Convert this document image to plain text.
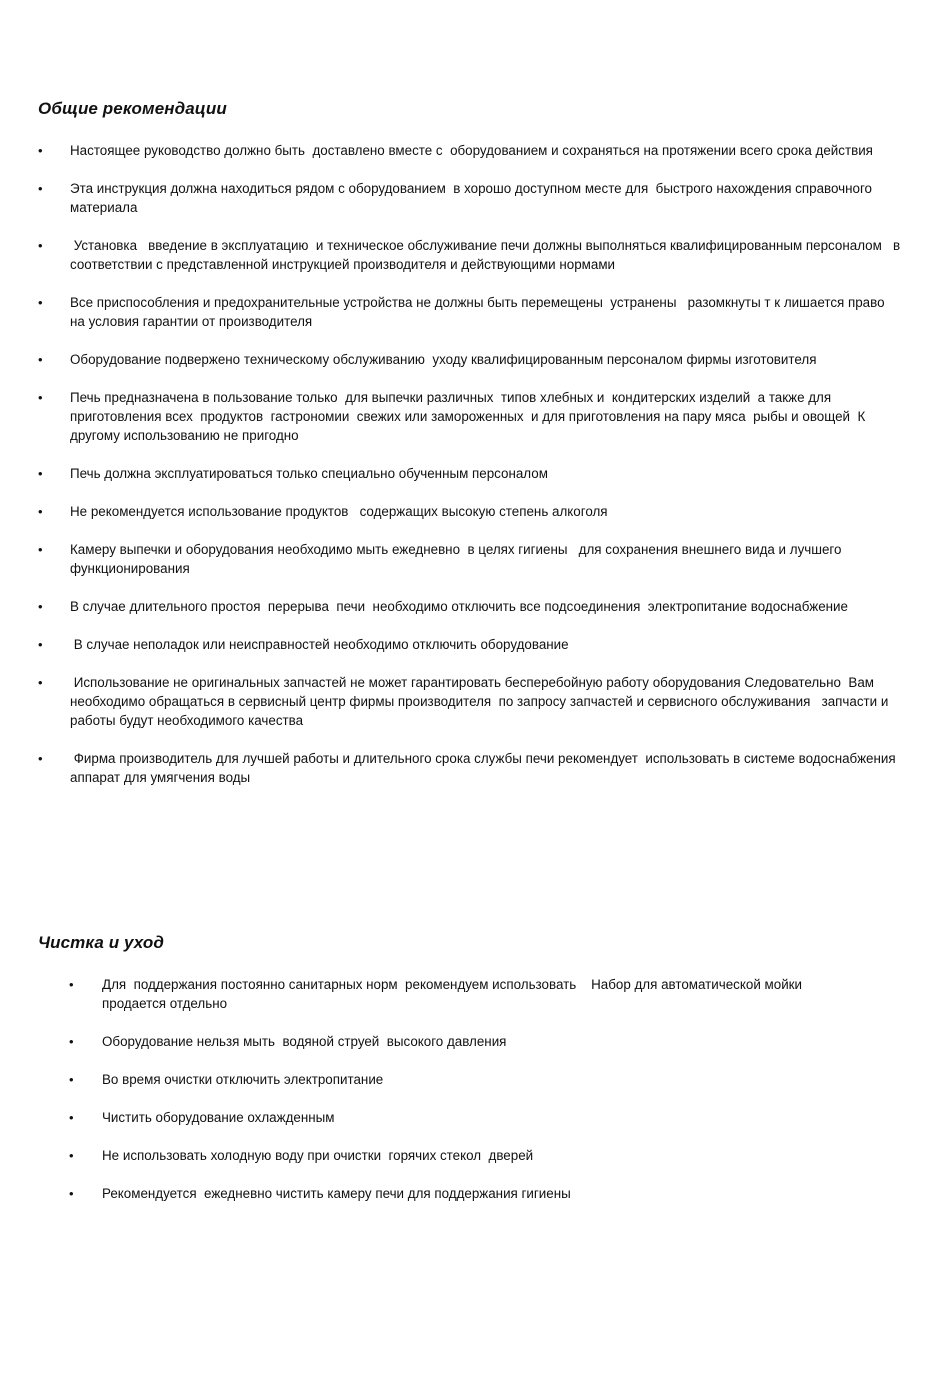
Общие рекомендации
• Настоящее руководство должно быть  доставлено вместе с  оборудованием и сохраняться на протяжении всего срока действия
• Эта инструкция должна находиться рядом с оборудованием  в хорошо доступном месте для  быстрого нахождения справочного материала
• Установка   введение в эксплуатацию  и техническое обслуживание печи должны выполняться квалифицированным персоналом   в соответствии с представленной инструкцией производителя и действующими нормами
• Все приспособления и предохранительные устройства не должны быть перемещены  устранены   разомкнуты т к лишается право на условия гарантии от производителя
• Оборудование подвержено техническому обслуживанию  уходу квалифицированным персоналом фирмы изготовителя
• Печь предназначена в пользование только  для выпечки различных  типов хлебных и  кондитерских изделий  а также для приготовления всех  продуктов  гастрономии  свежих или замороженных  и для приготовления на пару мяса  рыбы и овощей  К другому использованию не пригодно
• Печь должна эксплуатироваться только специально обученным персоналом
• Не рекомендуется использование продуктов   содержащих высокую степень алкоголя
• Камеру выпечки и оборудования необходимо мыть ежедневно  в целях гигиены   для сохранения внешнего вида и лучшего функционирования
• В случае длительного простоя  перерыва  печи  необходимо отключить все подсоединения  электропитание водоснабжение
• В случае неполадок или неисправностей необходимо отключить оборудование
• Использование не оригинальных запчастей не может гарантировать бесперебойную работу оборудования Следовательно  Вам необходимо обращаться в сервисный центр фирмы производителя  по запросу запчастей и сервисного обслуживания   запчасти и работы будут необходимого качества
• Фирма производитель для лучшей работы и длительного срока службы печи рекомендует  использовать в системе водоснабжения аппарат для умягчения воды
Чистка и уход
• Для  поддержания постоянно санитарных норм  рекомендуем использовать    Набор для автоматической мойки  продается отдельно
• Оборудование нельзя мыть  водяной струей  высокого давления
• Во время очистки отключить электропитание
• Чистить оборудование охлажденным
• Не использовать холодную воду при очистки  горячих стекол  дверей
• Рекомендуется  ежедневно чистить камеру печи для поддержания гигиены
